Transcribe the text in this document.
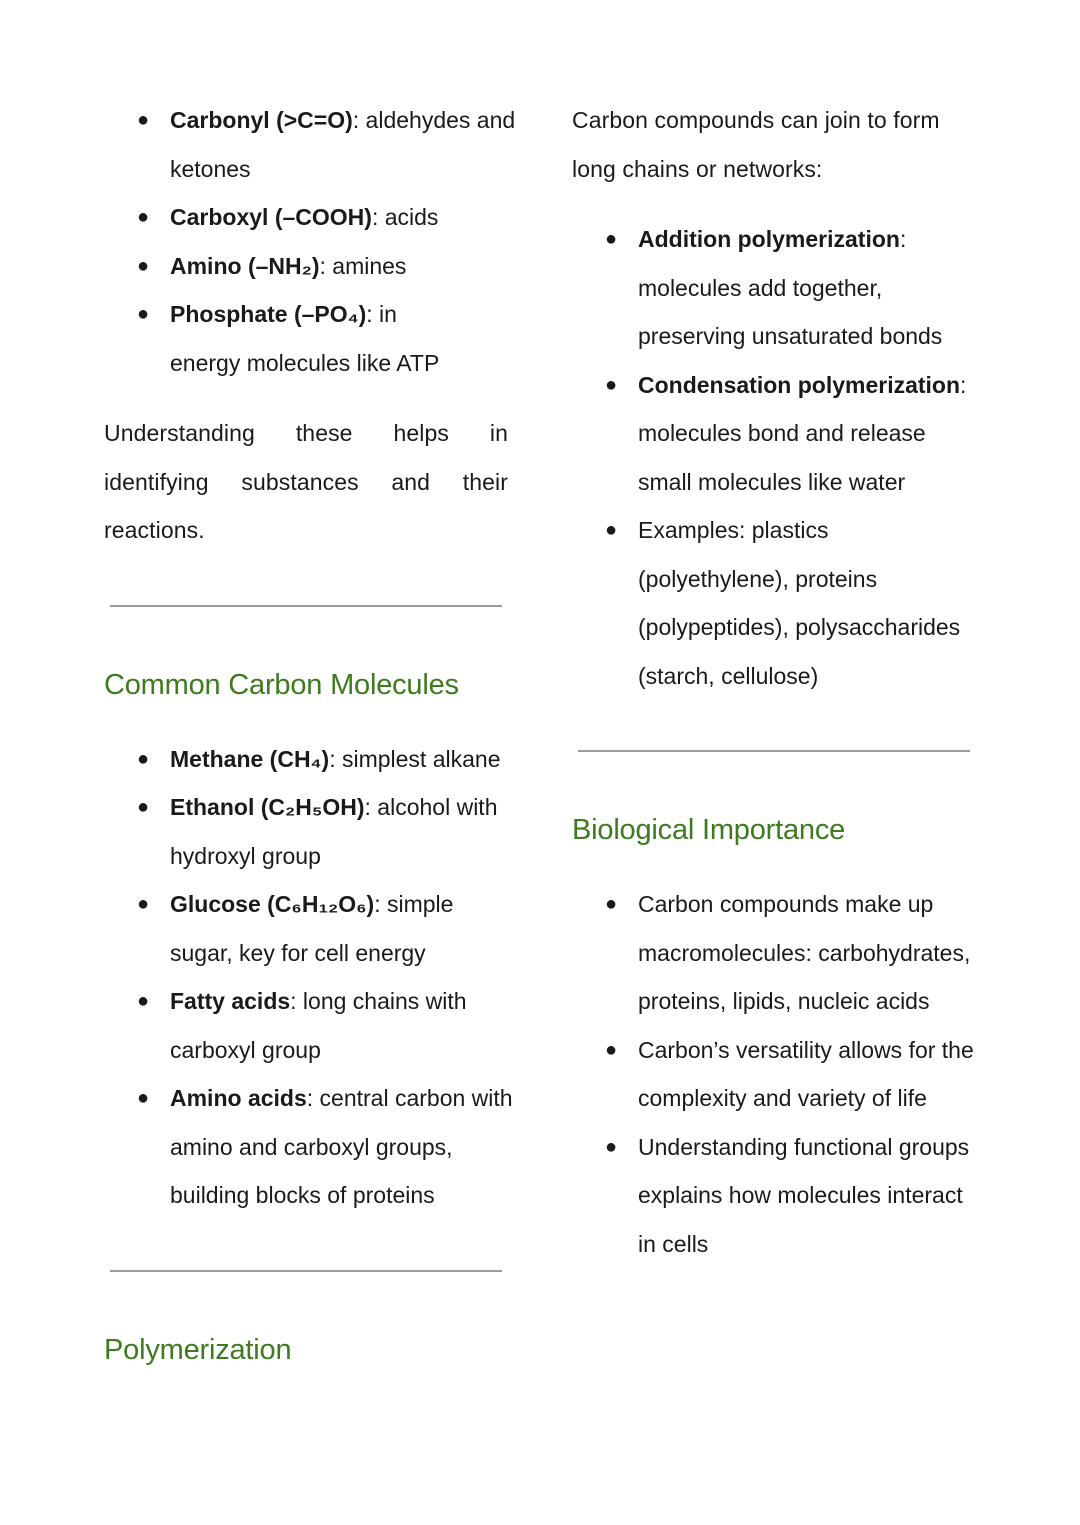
● Carbonyl (>C=O): aldehydes and ketones
● Carboxyl (–COOH): acids
● Amino (–NH₂): amines
● Phosphate (–PO₄): in energy molecules like ATP

Understanding these helps in identifying substances and their reactions.

Common Carbon Molecules
● Methane (CH₄): simplest alkane
● Ethanol (C₂H₅OH): alcohol with hydroxyl group
● Glucose (C₆H₁₂O₆): simple sugar, key for cell energy
● Fatty acids: long chains with carboxyl group
● Amino acids: central carbon with amino and carboxyl groups, building blocks of proteins
Polymerization

Carbon compounds can join to form long chains or networks:

● Addition polymerization: molecules add together, preserving unsaturated bonds
● Condensation polymerization: molecules bond and release small molecules like water
● Examples: plastics (polyethylene), proteins (polypeptides), polysaccharides (starch, cellulose)
Biological Importance
● Carbon compounds make up macromolecules: carbohydrates, proteins, lipids, nucleic acids
● Carbon’s versatility allows for the complexity and variety of life
● Understanding functional groups explains how molecules interact in cells
